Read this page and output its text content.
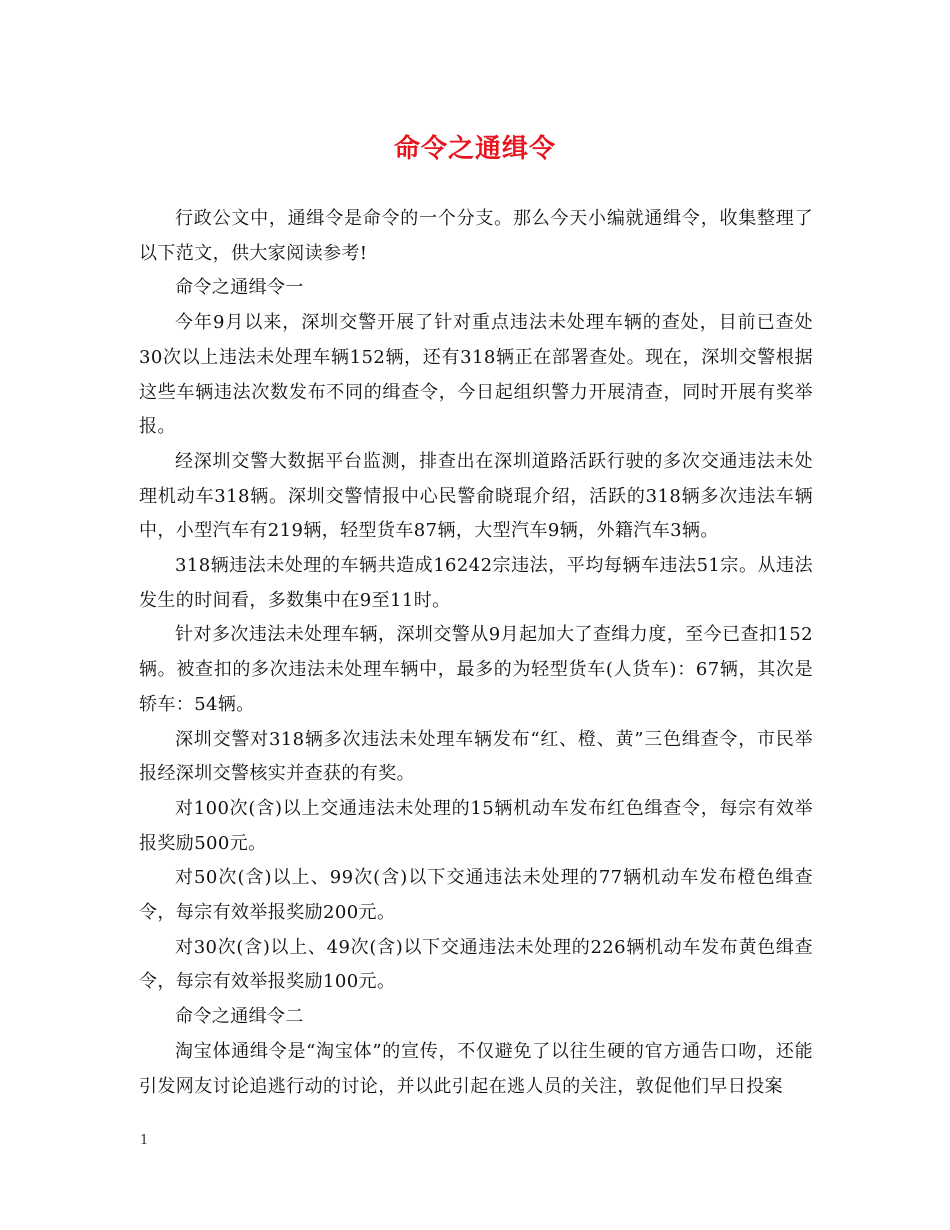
命令之通缉令

行政公文中，通缉令是命令的一个分支。那么今天小编就通缉令，收集整理了以下范文，供大家阅读参考!

命令之通缉令一

今年9月以来，深圳交警开展了针对重点违法未处理车辆的查处，目前已查处30次以上违法未处理车辆152辆，还有318辆正在部署查处。现在，深圳交警根据这些车辆违法次数发布不同的缉查令，今日起组织警力开展清查，同时开展有奖举报。

经深圳交警大数据平台监测，排查出在深圳道路活跃行驶的多次交通违法未处理机动车318辆。深圳交警情报中心民警俞晓琨介绍，活跃的318辆多次违法车辆中，小型汽车有219辆，轻型货车87辆，大型汽车9辆，外籍汽车3辆。

318辆违法未处理的车辆共造成16242宗违法，平均每辆车违法51宗。从违法发生的时间看，多数集中在9至11时。

针对多次违法未处理车辆，深圳交警从9月起加大了查缉力度，至今已查扣152辆。被查扣的多次违法未处理车辆中，最多的为轻型货车(人货车)：67辆，其次是轿车：54辆。

深圳交警对318辆多次违法未处理车辆发布“红、橙、黄”三色缉查令，市民举报经深圳交警核实并查获的有奖。

对100次(含)以上交通违法未处理的15辆机动车发布红色缉查令，每宗有效举报奖励500元。

对50次(含)以上、99次(含)以下交通违法未处理的77辆机动车发布橙色缉查令，每宗有效举报奖励200元。

对30次(含)以上、49次(含)以下交通违法未处理的226辆机动车发布黄色缉查令，每宗有效举报奖励100元。

命令之通缉令二

淘宝体通缉令是“淘宝体”的宣传，不仅避免了以往生硬的官方通告口吻，还能引发网友讨论追逃行动的讨论，并以此引起在逃人员的关注，敦促他们早日投案

1
